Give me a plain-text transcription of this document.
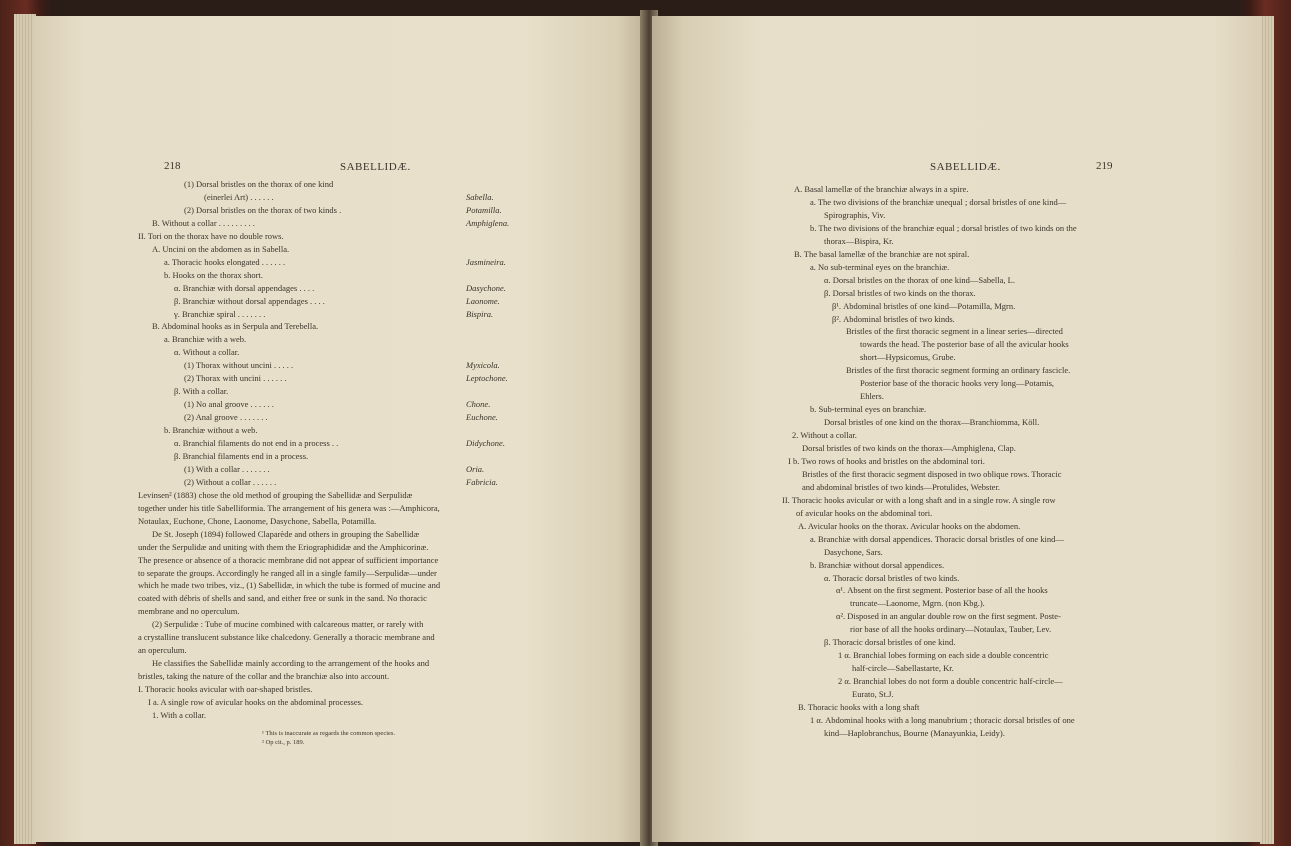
218	SABELLIDÆ.
(1) Dorsal bristles on the thorax of one kind
(einerlei Art) . . . . . .	Sabella.
(2) Dorsal bristles on the thorax of two kinds .	Potamilla.
B. Without a collar . . . . . . . . .	Amphiglena.
II. Tori on the thorax have no double rows.
A. Uncini on the abdomen as in Sabella.
a. Thoracic hooks elongated . . . . . .	Jasmineira.
b. Hooks on the thorax short.
α. Branchiæ with dorsal appendages . . . .	Dasychone.
β. Branchiæ without dorsal appendages . . . .	Laonome.
γ. Branchiæ spiral . . . . . . .	Bispira.
B. Abdominal hooks as in Serpula and Terebella.
a. Branchiæ with a web.
α. Without a collar.
(1) Thorax without uncini . . . . .	Myxicola.
(2) Thorax with uncini . . . . . .	Leptochone.
β. With a collar.
(1) No anal groove . . . . . .	Chone.
(2) Anal groove . . . . . . .	Euchone.
b. Branchiæ without a web.
α. Branchial filaments do not end in a process . .	Didychone.
β. Branchial filaments end in a process.
(1) With a collar . . . . . . .	Oria.
(2) Without a collar . . . . . .	Fabricia.
Levinsen² (1883) chose the old method of grouping the Sabellidæ and Serpulidæ
together under his title Sabelliformia. The arrangement of his genera was :—Amphicora,
Notaulax, Euchone, Chone, Laonome, Dasychone, Sabella, Potamilla.
De St. Joseph (1894) followed Claparède and others in grouping the Sabellidæ
under the Serpulidæ and uniting with them the Eriographididæ and the Amphicorinæ.
The presence or absence of a thoracic membrane did not appear of sufficient importance
to separate the groups. Accordingly he ranged all in a single family—Serpulidæ—under
which he made two tribes, viz., (1) Sabellidæ, in which the tube is formed of mucine and
coated with débris of shells and sand, and either free or sunk in the sand. No thoracic
membrane and no operculum.
(2) Serpulidæ : Tube of mucine combined with calcareous matter, or rarely with
a crystalline translucent substance like chalcedony. Generally a thoracic membrane and
an operculum.
He classifies the Sabellidæ mainly according to the arrangement of the hooks and
bristles, taking the nature of the collar and the branchiæ also into account.
I. Thoracic hooks avicular with oar-shaped bristles.
I a. A single row of avicular hooks on the abdominal processes.
1. With a collar.
¹ This is inaccurate as regards the common species.
² Op cit., p. 189.
SABELLIDÆ.	219
A. Basal lamellæ of the branchiæ always in a spire.
a. The two divisions of the branchiæ unequal ; dorsal bristles of one kind—
Spirographis, Viv.
b. The two divisions of the branchiæ equal ; dorsal bristles of two kinds on the
thorax—Bispira, Kr.
B. The basal lamellæ of the branchiæ are not spiral.
a. No sub-terminal eyes on the branchiæ.
α. Dorsal bristles on the thorax of one kind—Sabella, L.
β. Dorsal bristles of two kinds on the thorax.
β¹. Abdominal bristles of one kind—Potamilla, Mgrn.
β². Abdominal bristles of two kinds.
Bristles of the first thoracic segment in a linear series—directed
towards the head. The posterior base of all the avicular hooks
short—Hypsicomus, Grube.
Bristles of the first thoracic segment forming an ordinary fascicle.
Posterior base of the thoracic hooks very long—Potamis,
Ehlers.
b. Sub-terminal eyes on branchiæ.
Dorsal bristles of one kind on the thorax—Branchiomma, Köll.
2. Without a collar.
Dorsal bristles of two kinds on the thorax—Amphiglena, Clap.
I b. Two rows of hooks and bristles on the abdominal tori.
Bristles of the first thoracic segment disposed in two oblique rows. Thoracic
and abdominal bristles of two kinds—Protulides, Webster.
II. Thoracic hooks avicular or with a long shaft and in a single row. A single row
of avicular hooks on the abdominal tori.
A. Avicular hooks on the thorax. Avicular hooks on the abdomen.
a. Branchiæ with dorsal appendices. Thoracic dorsal bristles of one kind—
Dasychone, Sars.
b. Branchiæ without dorsal appendices.
α. Thoracic dorsal bristles of two kinds.
α¹. Absent on the first segment. Posterior base of all the hooks
truncate—Laonome, Mgrn. (non Kbg.).
α². Disposed in an angular double row on the first segment. Poste-
rior base of all the hooks ordinary—Notaulax, Tauber, Lev.
β. Thoracic dorsal bristles of one kind.
1 α. Branchial lobes forming on each side a double concentric
half-circle—Sabellastarte, Kr.
2 α. Branchial lobes do not form a double concentric half-circle—
Eurato, St.J.
B. Thoracic hooks with a long shaft
1 α. Abdominal hooks with a long manubrium ; thoracic dorsal bristles of one
kind—Haplobranchus, Bourne (Manayunkia, Leidy).
